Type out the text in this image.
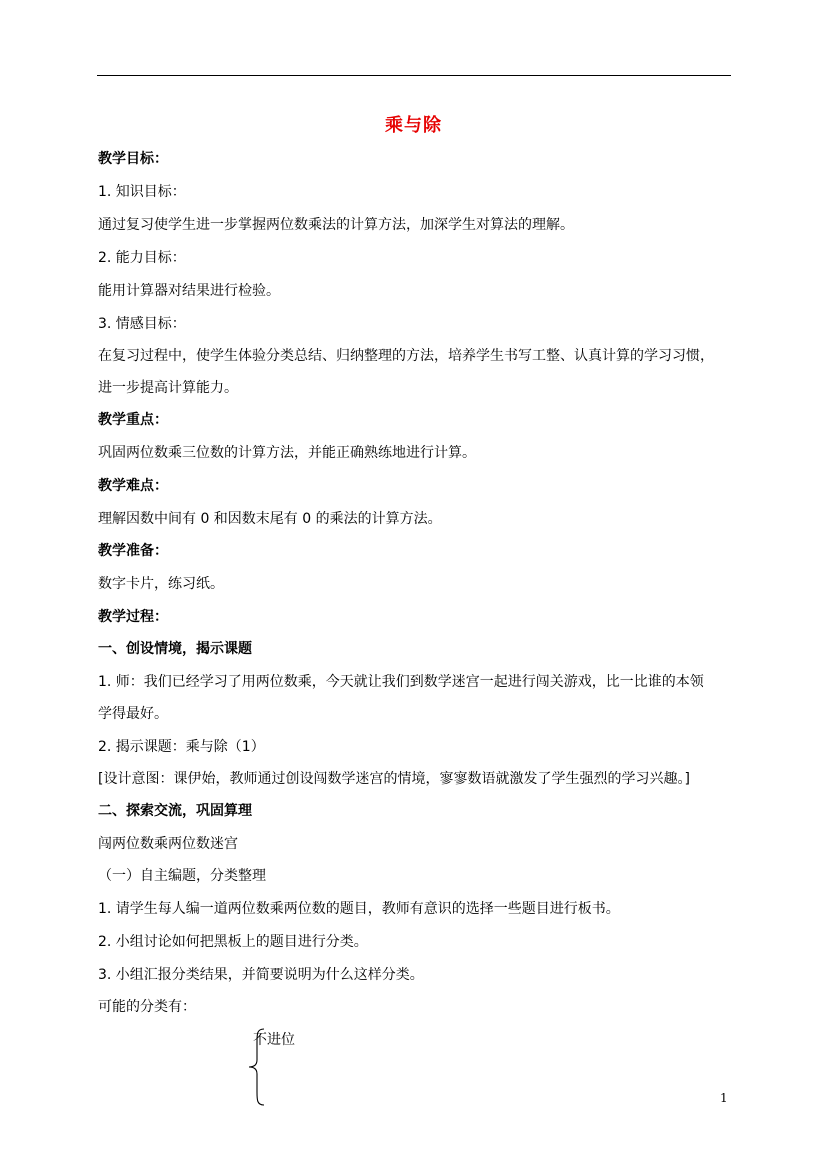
乘与除
教学目标：
1. 知识目标：
通过复习使学生进一步掌握两位数乘法的计算方法，加深学生对算法的理解。
2. 能力目标：
能用计算器对结果进行检验。
3. 情感目标：
在复习过程中，使学生体验分类总结、归纳整理的方法，培养学生书写工整、认真计算的学习习惯，
进一步提高计算能力。
教学重点：
巩固两位数乘三位数的计算方法，并能正确熟练地进行计算。
教学难点：
理解因数中间有 0 和因数末尾有 0 的乘法的计算方法。
教学准备：
数字卡片，练习纸。
教学过程：
一、创设情境，揭示课题
1. 师：我们已经学习了用两位数乘，今天就让我们到数学迷宫一起进行闯关游戏，比一比谁的本领
学得最好。
2. 揭示课题：乘与除（1）
[设计意图：课伊始，教师通过创设闯数学迷宫的情境，寥寥数语就激发了学生强烈的学习兴趣。]
二、探索交流，巩固算理
闯两位数乘两位数迷宫
（一）自主编题，分类整理
1. 请学生每人编一道两位数乘两位数的题目，教师有意识的选择一些题目进行板书。
2. 小组讨论如何把黑板上的题目进行分类。
3. 小组汇报分类结果，并简要说明为什么这样分类。
可能的分类有：
不进位
1
